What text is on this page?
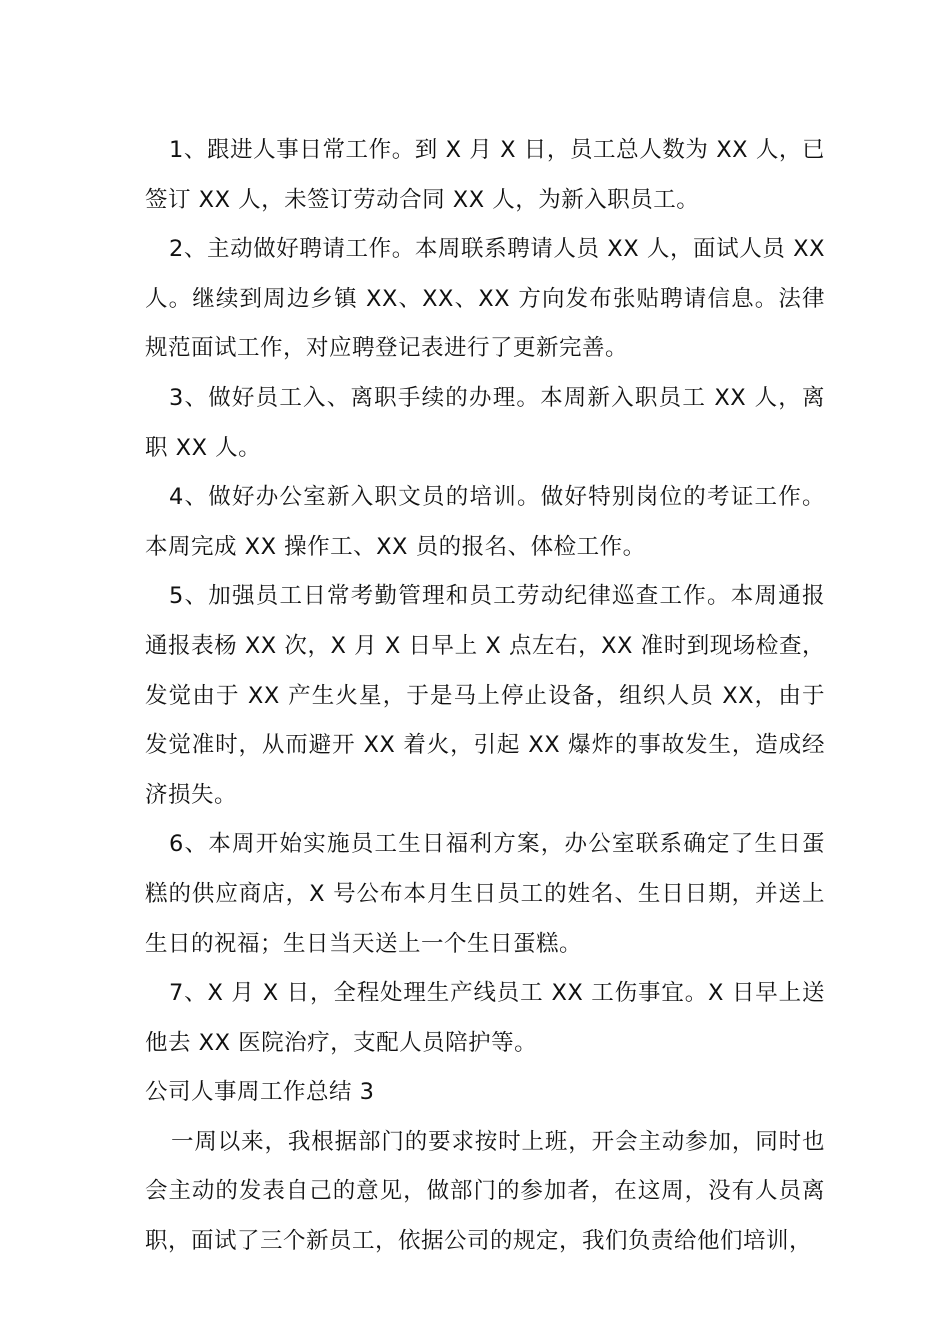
1、跟进人事日常工作。到 X 月 X 日，员工总人数为 XX 人，已签订 XX 人，未签订劳动合同 XX 人，为新入职员工。

2、主动做好聘请工作。本周联系聘请人员 XX 人，面试人员 XX 人。继续到周边乡镇 XX、XX、XX 方向发布张贴聘请信息。法律规范面试工作，对应聘登记表进行了更新完善。

3、做好员工入、离职手续的办理。本周新入职员工 XX 人，离职 XX 人。

4、做好办公室新入职文员的培训。做好特别岗位的考证工作。本周完成 XX 操作工、XX 员的报名、体检工作。

5、加强员工日常考勤管理和员工劳动纪律巡查工作。本周通报通报表杨 XX 次，X 月 X 日早上 X 点左右，XX 准时到现场检查，发觉由于 XX 产生火星，于是马上停止设备，组织人员 XX，由于发觉准时，从而避开 XX 着火，引起 XX 爆炸的事故发生，造成经济损失。

6、本周开始实施员工生日福利方案，办公室联系确定了生日蛋糕的供应商店，X 号公布本月生日员工的姓名、生日日期，并送上生日的祝福；生日当天送上一个生日蛋糕。

7、X 月 X 日，全程处理生产线员工 XX 工伤事宜。X 日早上送他去 XX 医院治疗，支配人员陪护等。

公司人事周工作总结 3

一周以来，我根据部门的要求按时上班，开会主动参加，同时也会主动的发表自己的意见，做部门的参加者，在这周，没有人员离职，面试了三个新员工，依据公司的规定，我们负责给他们培训，
